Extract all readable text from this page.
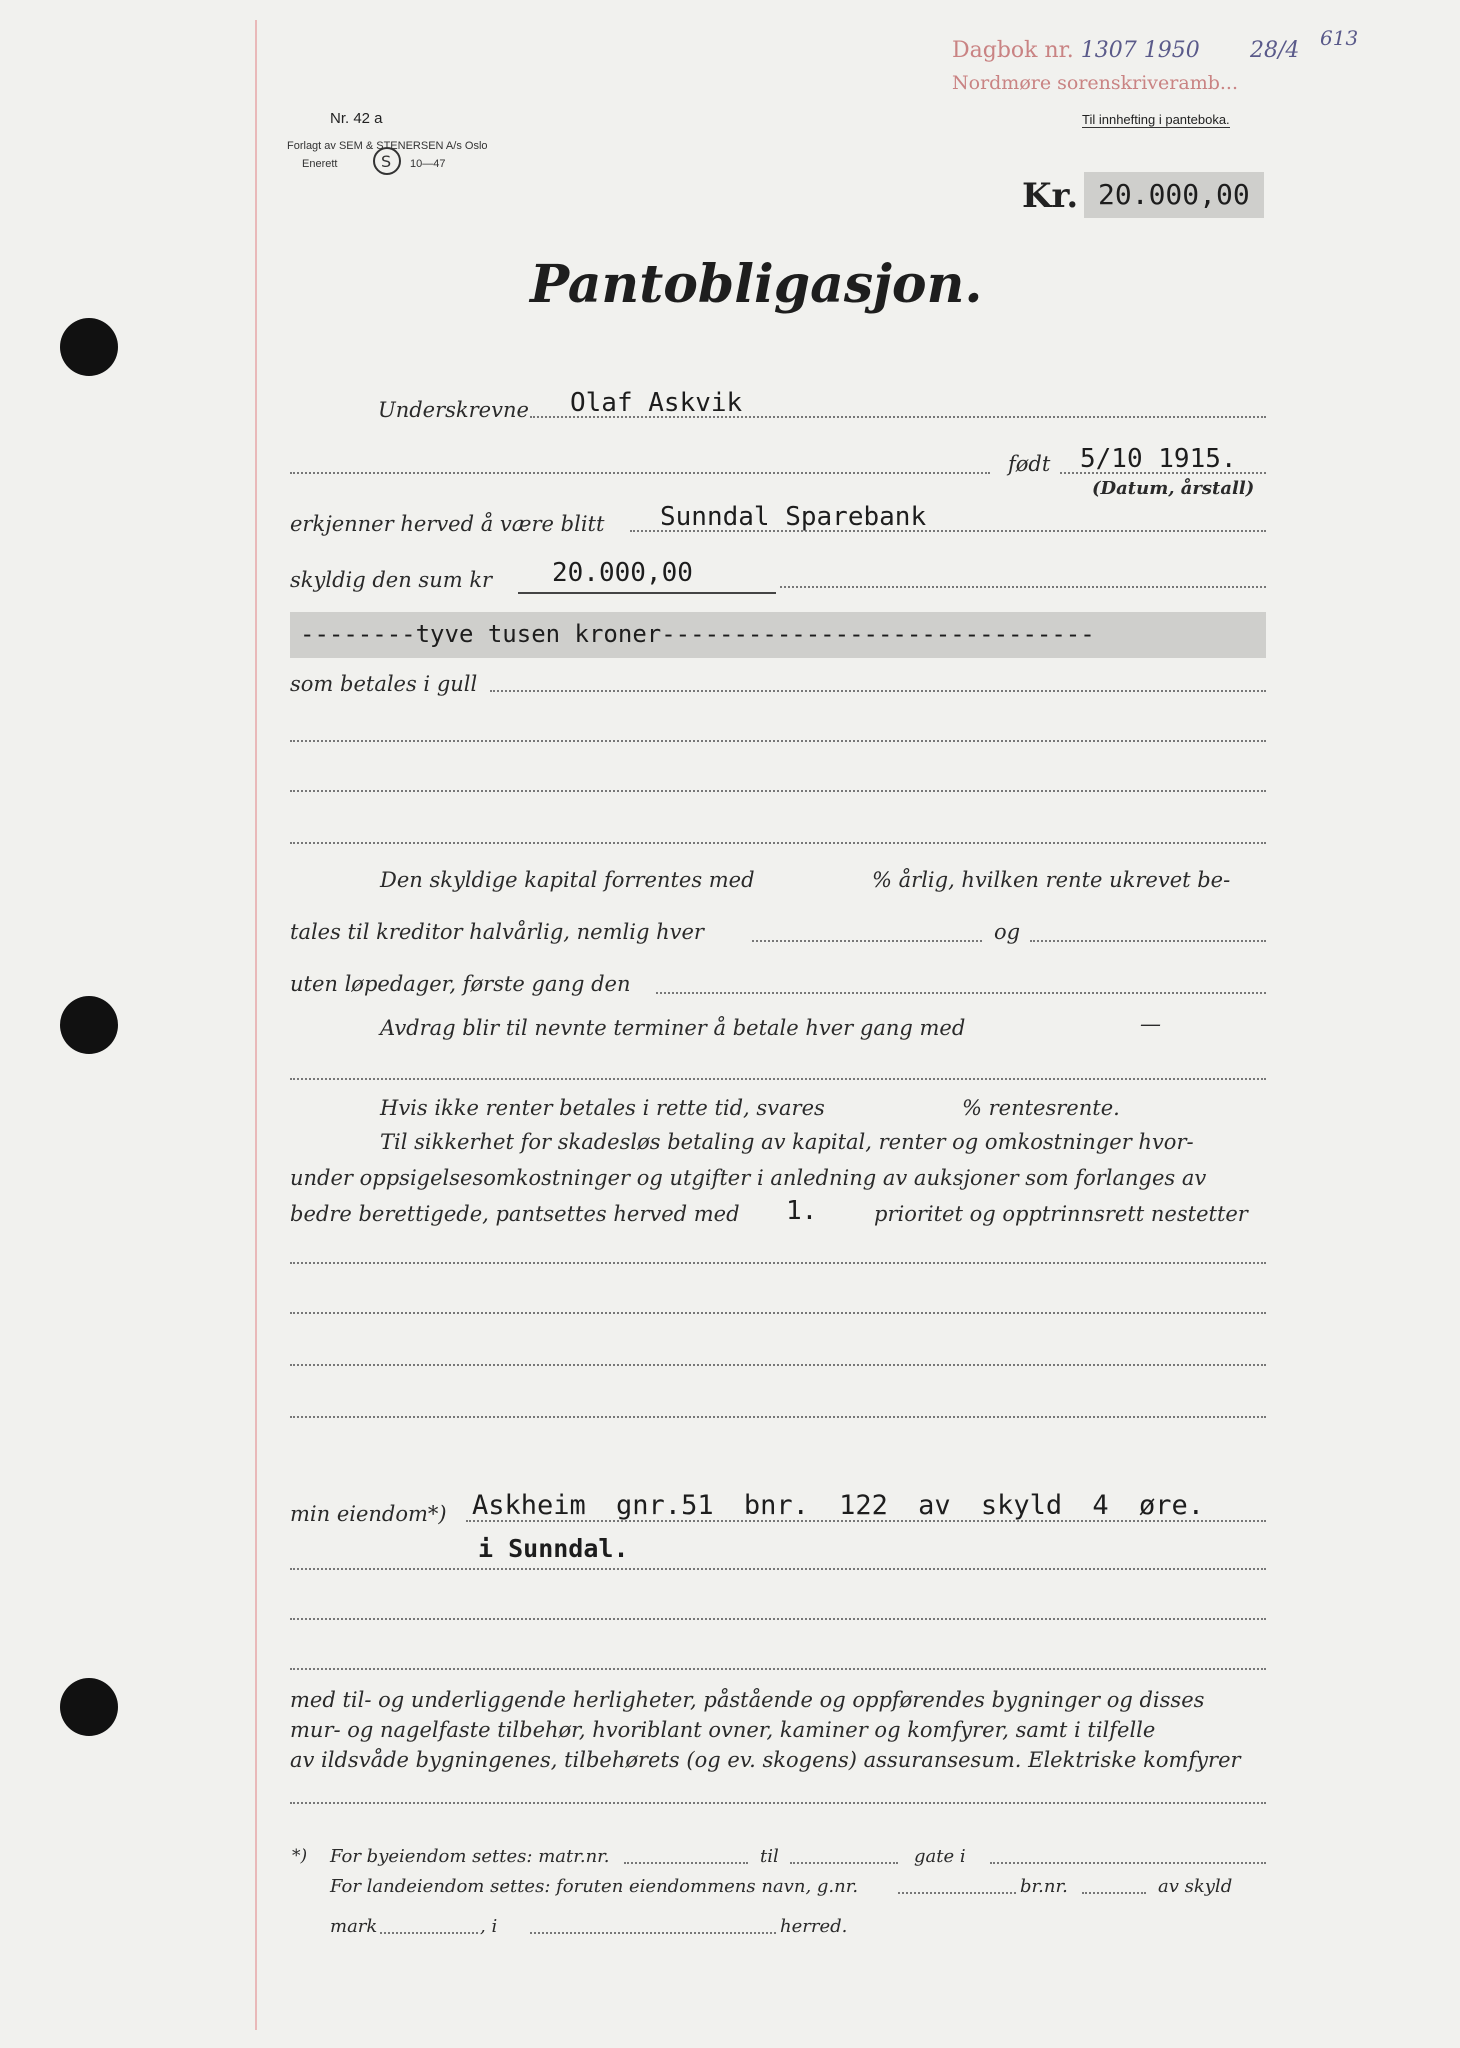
Dagbok nr. 1307 1950 28/4 613
Nordmøre sorenskriveramb...
Nr. 42 a
Forlagt av SEM & STENERSEN A/s Oslo
Enerett	S 10—47
Til innhefting i panteboka.
Kr. 20.000,00
Pantobligasjon.
Underskrevne Olaf Askvik
født 5/10 1915.
(Datum, årstall)
erkjenner herved å være blitt Sunndal Sparebank
skyldig den sum kr 20.000,00
--------tyve tusen kroner------------------------------
som betales i gull
Den skyldige kapital forrentes med	% årlig, hvilken rente ukrevet be-
tales til kreditor halvårlig, nemlig hver	og
uten løpedager, første gang den
Avdrag blir til nevnte terminer å betale hver gang med	—
Hvis ikke renter betales i rette tid, svares	% rentesrente.
Til sikkerhet for skadesløs betaling av kapital, renter og omkostninger hvor-
under oppsigelsesomkostninger og utgifter i anledning av auksjoner som forlanges av
bedre berettigede, pantsettes herved med 1.	prioritet og opptrinnsrett nestetter
min eiendom*) Askheim gnr.51 bnr. 122 av skyld 4 øre.
i Sunndal.
med til- og underliggende herligheter, påstående og oppførendes bygninger og disses
mur- og nagelfaste tilbehør, hvoriblant ovner, kaminer og komfyrer, samt i tilfelle
av ildsvåde bygningenes, tilbehørets (og ev. skogens) assuransesum. Elektriske komfyrer
*) For byeiendom settes: matr.nr.	til	gate i
For landeiendom settes: foruten eiendommens navn, g.nr.	br.nr.	av skyld
mark	, i	herred.
